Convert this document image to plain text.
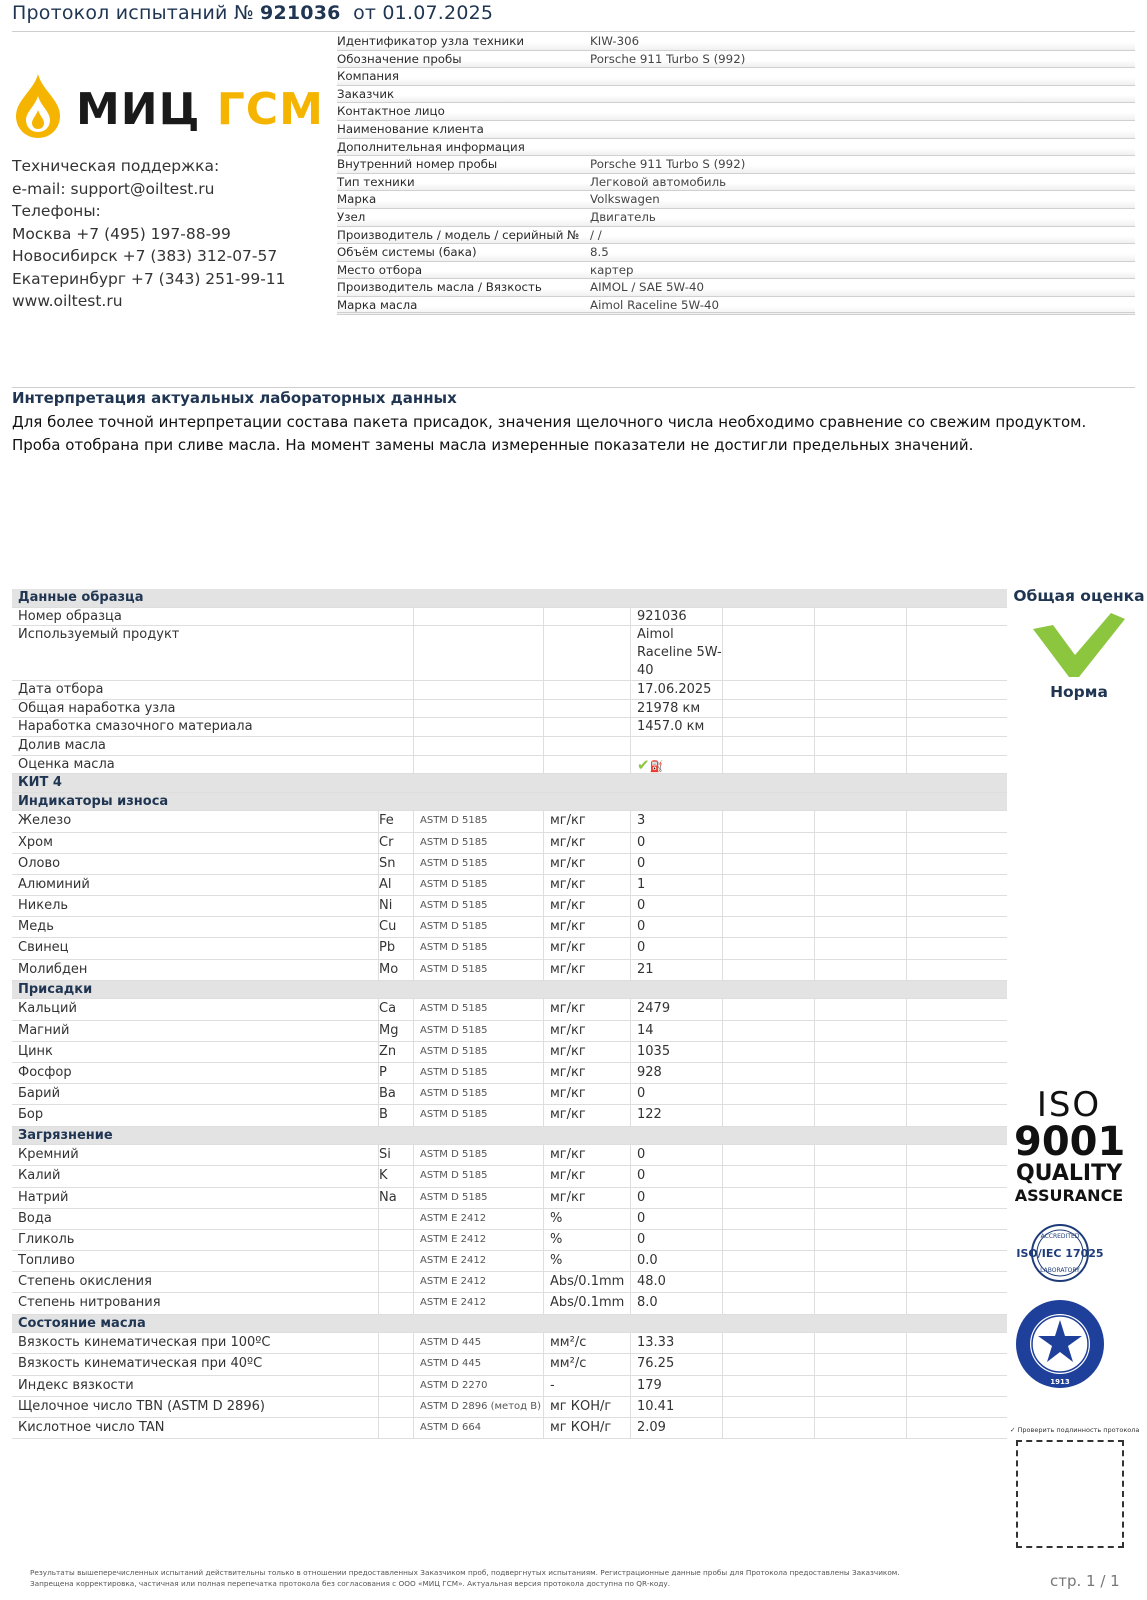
Протокол испытаний № 921036 от 01.07.2025
МИЦ ГСМ
Техническая поддержка:
e-mail: support@oiltest.ru
Телефоны:
Москва +7 (495) 197-88-99
Новосибирск +7 (383) 312-07-57
Екатеринбург +7 (343) 251-99-11
www.oiltest.ru
Идентификатор узла техники	KIW-306
Обозначение пробы	Porsche 911 Turbo S (992)
Компания
Заказчик
Контактное лицо
Наименование клиента
Дополнительная информация
Внутренний номер пробы	Porsche 911 Turbo S (992)
Тип техники	Легковой автомобиль
Марка	Volkswagen
Узел	Двигатель
Производитель / модель / серийный № / /
Объём системы (бака)	8.5
Место отбора	картер
Производитель масла / Вязкость	AIMOL / SAE 5W-40
Марка масла	Aimol Raceline 5W-40
Интерпретация актуальных лабораторных данных
Для более точной интерпретации состава пакета присадок, значения щелочного числа необходимо сравнение со свежим продуктом.
Проба отобрана при сливе масла. На момент замены масла измеренные показатели не достигли предельных значений.
Данные образца
Номер образца	921036
Используемый продукт	Aimol Raceline 5W-40
Дата отбора	17.06.2025
Общая наработка узла	21978 км
Наработка смазочного материала	1457.0 км
Долив масла
Оценка масла	✔⛽
КИТ 4
Индикаторы износа
Железо	Fe	ASTM D 5185	мг/кг	3
Хром	Cr	ASTM D 5185	мг/кг	0
Олово	Sn	ASTM D 5185	мг/кг	0
Алюминий	Al	ASTM D 5185	мг/кг	1
Никель	Ni	ASTM D 5185	мг/кг	0
Медь	Cu	ASTM D 5185	мг/кг	0
Свинец	Pb	ASTM D 5185	мг/кг	0
Молибден	Mo	ASTM D 5185	мг/кг	21
Присадки
Кальций	Ca	ASTM D 5185	мг/кг	2479
Магний	Mg	ASTM D 5185	мг/кг	14
Цинк	Zn	ASTM D 5185	мг/кг	1035
Фосфор	P	ASTM D 5185	мг/кг	928
Барий	Ba	ASTM D 5185	мг/кг	0
Бор	B	ASTM D 5185	мг/кг	122
Загрязнение
Кремний	Si	ASTM D 5185	мг/кг	0
Калий	K	ASTM D 5185	мг/кг	0
Натрий	Na	ASTM D 5185	мг/кг	0
Вода	ASTM E 2412	%	0
Гликоль	ASTM E 2412	%	0
Топливо	ASTM E 2412	%	0.0
Степень окисления	ASTM E 2412	Abs/0.1mm 48.0
Степень нитрования	ASTM E 2412	Abs/0.1mm 8.0
Состояние масла
Вязкость кинематическая при 100ºC	ASTM D 445	мм²/с	13.33
Вязкость кинематическая при 40ºC	ASTM D 445	мм²/с	76.25
Индекс вязкости	ASTM D 2270	-	179
Щелочное число TBN (ASTM D 2896)	ASTM D 2896 (метод B) мг КОН/г	10.41
Кислотное число TAN	ASTM D 664	мг КОН/г	2.09
Общая оценка
Норма
ISO
9001
QUALITY
ASSURANCE
ACCREDITED
ISO/IEC 17025
LABORATORY
1913
✓ Проверить подлинность протокола
Результаты вышеперечисленных испытаний действительны только в отношении предоставленных Заказчиком проб, подвергнутых испытаниям. Регистрационные данные пробы для Протокола предоставлены Заказчиком.
Запрещена корректировка, частичная или полная перепечатка протокола без согласования с ООО «МИЦ ГСМ». Актуальная версия протокола доступна по QR-коду.	стр. 1 / 1
